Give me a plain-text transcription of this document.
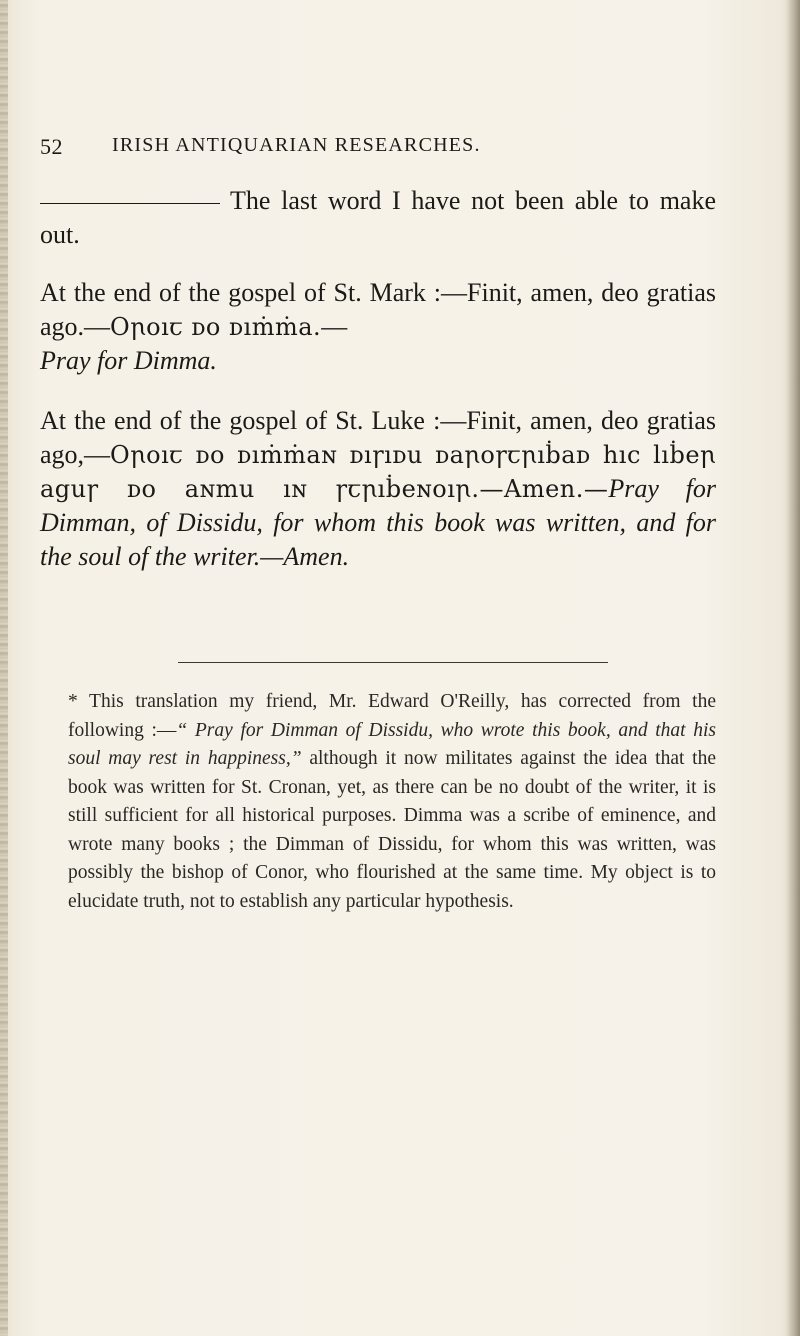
52 IRISH ANTIQUARIAN RESEARCHES.
The last word I have not been able to make out.
At the end of the gospel of St. Mark :—Finit, amen, deo gratias ago.—Oꞃoıꞇ ᴅo ᴅıṁṁa.—
Pray for Dimma.
At the end of the gospel of St. Luke :—Finit, amen, deo gratias ago,—Oꞃoıꞇ ᴅo ᴅıṁṁaɴ ᴅıꞅıᴅu ᴅaꞃoꞅꞇꞃıḃaᴅ hıc lıḃeꞃ aguꞅ ᴅo aɴmu ıɴ ꞅꞇꞃıḃeɴoıꞃ.—Amen.—Pray for Dimman, of Dissidu, for whom this book was written, and for the soul of the writer.—Amen.
* This translation my friend, Mr. Edward O'Reilly, has corrected from the following :—“ Pray for Dimman of Dissidu, who wrote this book, and that his soul may rest in happiness,” although it now militates against the idea that the book was written for St. Cronan, yet, as there can be no doubt of the writer, it is still sufficient for all historical purposes. Dimma was a scribe of eminence, and wrote many books ; the Dimman of Dissidu, for whom this was written, was possibly the bishop of Conor, who flourished at the same time. My object is to elucidate truth, not to establish any particular hypothesis.
